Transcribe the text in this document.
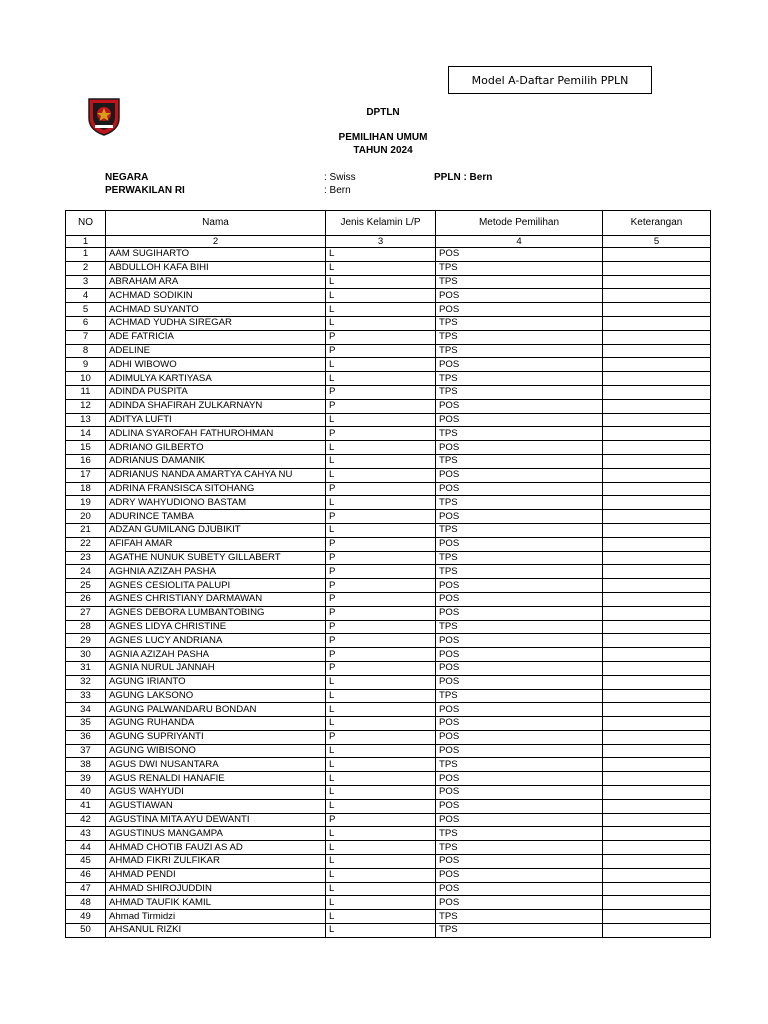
Model A-Daftar Pemilih PPLN
DPTLN
PEMILIHAN UMUM
TAHUN 2024
NEGARA	: Swiss	PPLN : Bern
PERWAKILAN RI	: Bern
NO	Nama	Jenis Kelamin L/P	Metode Pemilihan	Keterangan
1	2	3	4	5
1	AAM SUGIHARTO	L	POS	
2	ABDULLOH KAFA BIHI	L	TPS	
3	ABRAHAM ARA	L	TPS	
4	ACHMAD SODIKIN	L	POS	
5	ACHMAD SUYANTO	L	POS	
6	ACHMAD YUDHA SIREGAR	L	TPS	
7	ADE FATRICIA	P	TPS	
8	ADELINE	P	TPS	
9	ADHI WIBOWO	L	POS	
10	ADIMULYA KARTIYASA	L	TPS	
11	ADINDA PUSPITA	P	TPS	
12	ADINDA SHAFIRAH ZULKARNAYN	P	POS	
13	ADITYA LUFTI	L	POS	
14	ADLINA SYAROFAH FATHUROHMAN	P	TPS	
15	ADRIANO GILBERTO	L	POS	
16	ADRIANUS DAMANIK	L	TPS	
17	ADRIANUS NANDA AMARTYA CAHYA NU	L	POS	
18	ADRINA FRANSISCA SITOHANG	P	POS	
19	ADRY WAHYUDIONO BASTAM	L	TPS	
20	ADURINCE TAMBA	P	POS	
21	ADZAN GUMILANG DJUBIKIT	L	TPS	
22	AFIFAH AMAR	P	POS	
23	AGATHE NUNUK SUBETY GILLABERT	P	TPS	
24	AGHNIA AZIZAH PASHA	P	TPS	
25	AGNES CESIOLITA PALUPI	P	POS	
26	AGNES CHRISTIANY DARMAWAN	P	POS	
27	AGNES DEBORA LUMBANTOBING	P	POS	
28	AGNES LIDYA CHRISTINE	P	TPS	
29	AGNES LUCY ANDRIANA	P	POS	
30	AGNIA AZIZAH PASHA	P	POS	
31	AGNIA NURUL JANNAH	P	POS	
32	AGUNG IRIANTO	L	POS	
33	AGUNG LAKSONO	L	TPS	
34	AGUNG PALWANDARU BONDAN	L	POS	
35	AGUNG RUHANDA	L	POS	
36	AGUNG SUPRIYANTI	P	POS	
37	AGUNG WIBISONO	L	POS	
38	AGUS DWI NUSANTARA	L	TPS	
39	AGUS RENALDI HANAFIE	L	POS	
40	AGUS WAHYUDI	L	POS	
41	AGUSTIAWAN	L	POS	
42	AGUSTINA MITA AYU DEWANTI	P	POS	
43	AGUSTINUS MANGAMPA	L	TPS	
44	AHMAD CHOTIB FAUZI AS AD	L	TPS	
45	AHMAD FIKRI ZULFIKAR	L	POS	
46	AHMAD PENDI	L	POS	
47	AHMAD SHIROJUDDIN	L	POS	
48	AHMAD TAUFIK KAMIL	L	POS	
49	Ahmad Tirmidzi	L	TPS	
50	AHSANUL RIZKI	L	TPS	
